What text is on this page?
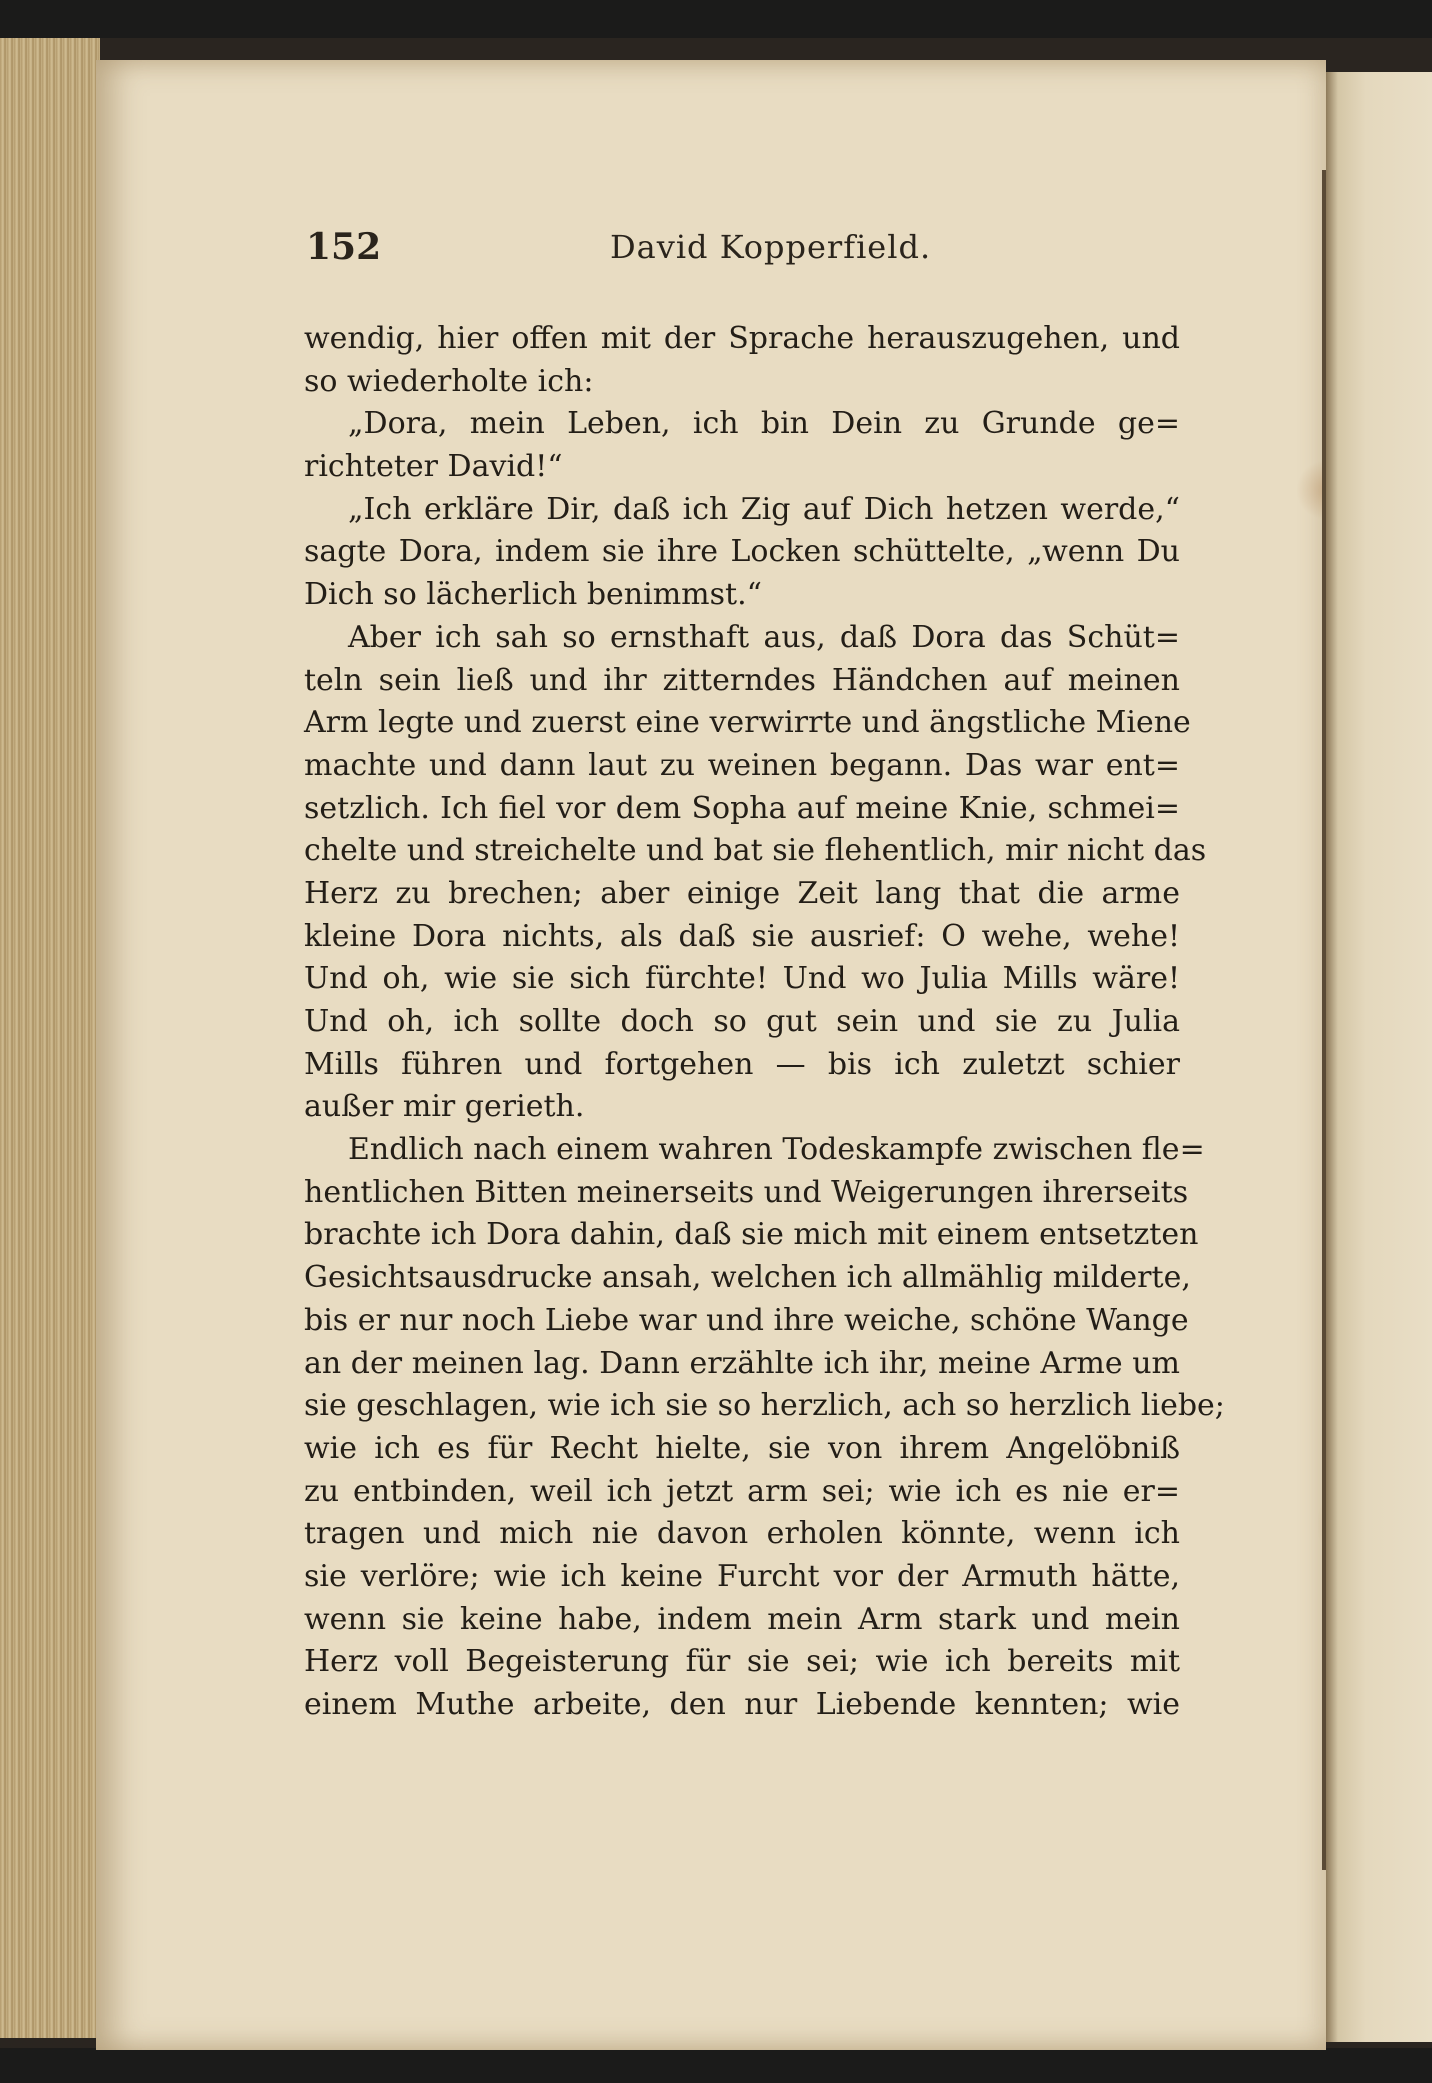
152	David Kopperfield.
wendig, hier offen mit der Sprache herauszugehen, und
so wiederholte ich:
„Dora, mein Leben, ich bin Dein zu Grunde ge=
richteter David!“
„Ich erkläre Dir, daß ich Zig auf Dich hetzen werde,“
sagte Dora, indem sie ihre Locken schüttelte, „wenn Du
Dich so lächerlich benimmst.“
Aber ich sah so ernsthaft aus, daß Dora das Schüt=
teln sein ließ und ihr zitterndes Händchen auf meinen
Arm legte und zuerst eine verwirrte und ängstliche Miene
machte und dann laut zu weinen begann. Das war ent=
setzlich. Ich fiel vor dem Sopha auf meine Knie, schmei=
chelte und streichelte und bat sie flehentlich, mir nicht das
Herz zu brechen; aber einige Zeit lang that die arme
kleine Dora nichts, als daß sie ausrief: O wehe, wehe!
Und oh, wie sie sich fürchte! Und wo Julia Mills wäre!
Und oh, ich sollte doch so gut sein und sie zu Julia
Mills führen und fortgehen — bis ich zuletzt schier
außer mir gerieth.
Endlich nach einem wahren Todeskampfe zwischen fle=
hentlichen Bitten meinerseits und Weigerungen ihrerseits
brachte ich Dora dahin, daß sie mich mit einem entsetzten
Gesichtsausdrucke ansah, welchen ich allmählig milderte,
bis er nur noch Liebe war und ihre weiche, schöne Wange
an der meinen lag. Dann erzählte ich ihr, meine Arme um
sie geschlagen, wie ich sie so herzlich, ach so herzlich liebe;
wie ich es für Recht hielte, sie von ihrem Angelöbniß
zu entbinden, weil ich jetzt arm sei; wie ich es nie er=
tragen und mich nie davon erholen könnte, wenn ich
sie verlöre; wie ich keine Furcht vor der Armuth hätte,
wenn sie keine habe, indem mein Arm stark und mein
Herz voll Begeisterung für sie sei; wie ich bereits mit
einem Muthe arbeite, den nur Liebende kennten; wie
